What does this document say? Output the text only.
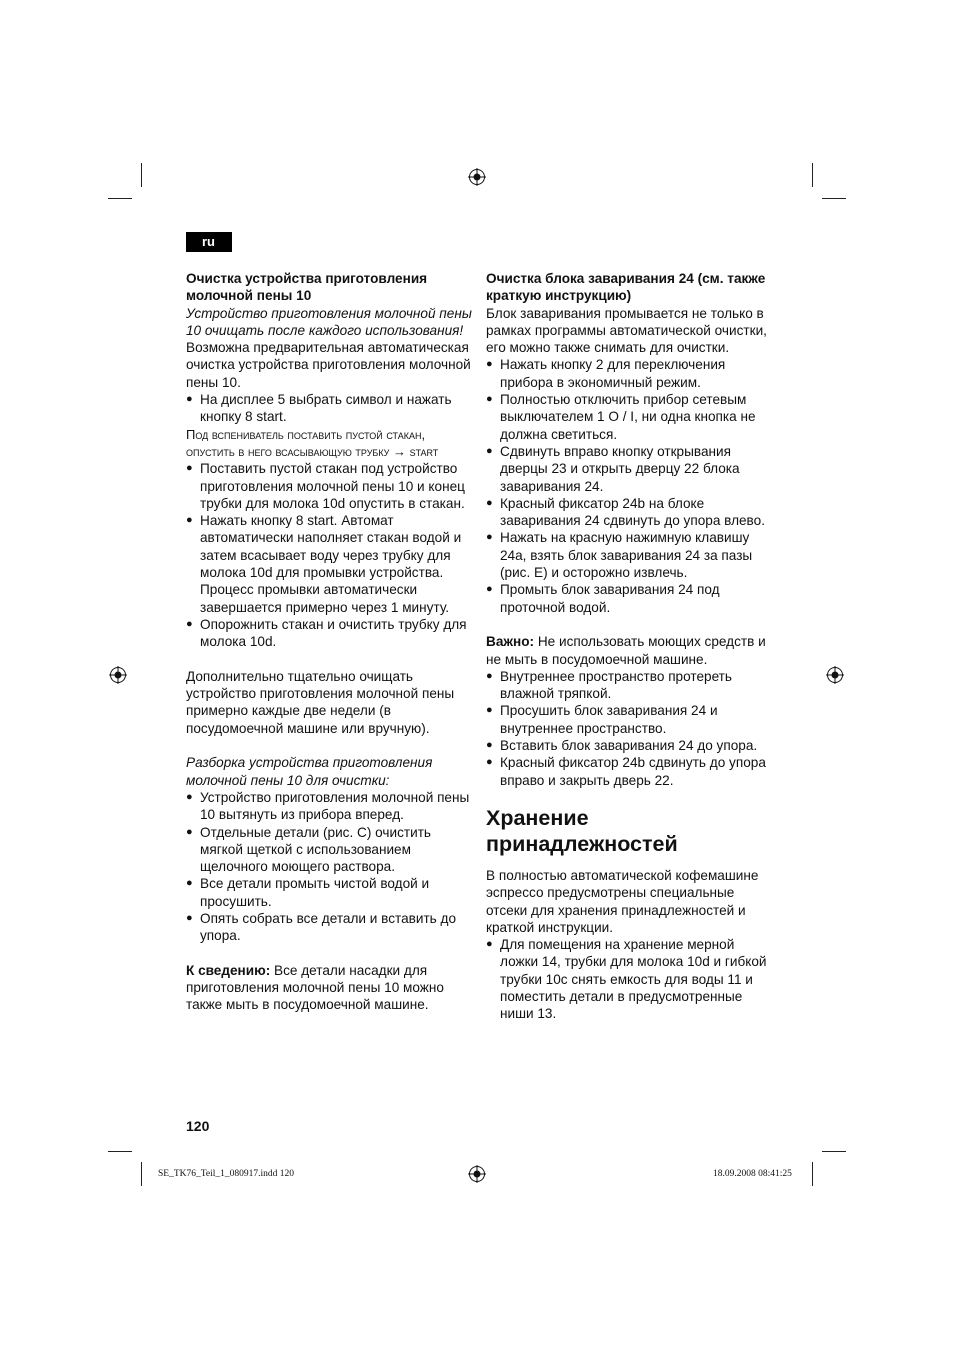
ru

Очистка устройства приготовления молочной пены 10

Устройство приготовления молочной пены 10 очищать после каждого использования!

Возможна предварительная автоматическая очистка устройства приготовления молочной пены 10.

● На дисплее 5 выбрать символ и нажать кнопку 8 start.

Под вспениватель поставить пустой стакан, опустить в него всасывающую трубку → start

● Поставить пустой стакан под устройство приготовления молочной пены 10 и конец трубки для молока 10d опустить в стакан.
● Нажать кнопку 8 start. Автомат автоматически наполняет стакан водой и затем всасывает воду через трубку для молока 10d для промывки устройства. Процесс промывки автоматически завершается примерно через 1 минуту.
● Опорожнить стакан и очистить трубку для молока 10d.

Дополнительно тщательно очищать устройство приготовления молочной пены примерно каждые две недели (в посудомоечной машине или вручную).

Разборка устройства приготовления молочной пены 10 для очистки:

● Устройство приготовления молочной пены 10 вытянуть из прибора вперед.
● Отдельные детали (рис. C) очистить мягкой щеткой с использованием щелочного моющего раствора.
● Все детали промыть чистой водой и просушить.
● Опять собрать все детали и вставить до упора.

К сведению: Все детали насадки для приготовления молочной пены 10 можно также мыть в посудомоечной машине.

Очистка блока заваривания 24 (см. также краткую инструкцию)

Блок заваривания промывается не только в рамках программы автоматической очистки, его можно также снимать для очистки.

● Нажать кнопку 2 для переключения прибора в экономичный режим.
● Полностью отключить прибор сетевым выключателем 1 O / I, ни одна кнопка не должна светиться.
● Сдвинуть вправо кнопку открывания дверцы 23 и открыть дверцу 22 блока заваривания 24.
● Красный фиксатор 24b на блоке заваривания 24 сдвинуть до упора влево.
● Нажать на красную нажимную клавишу 24a, взять блок заваривания 24 за пазы (рис. E) и осторожно извлечь.
● Промыть блок заваривания 24 под проточной водой.

Важно: Не использовать моющих средств и не мыть в посудомоечной машине.

● Внутреннее пространство протереть влажной тряпкой.
● Просушить блок заваривания 24 и внутреннее пространство.
● Вставить блок заваривания 24 до упора.
● Красный фиксатор 24b сдвинуть до упора вправо и закрыть дверь 22.
Хранение принадлежностей

В полностью автоматической кофемашине эспрессо предусмотрены специальные отсеки для хранения принадлежностей и краткой инструкции.

● Для помещения на хранение мерной ложки 14, трубки для молока 10d и гибкой трубки 10c снять емкость для воды 11 и поместить детали в предусмотренные ниши 13.
120
SE_TK76_Teil_1_080917.indd 120	18.09.2008 08:41:25
